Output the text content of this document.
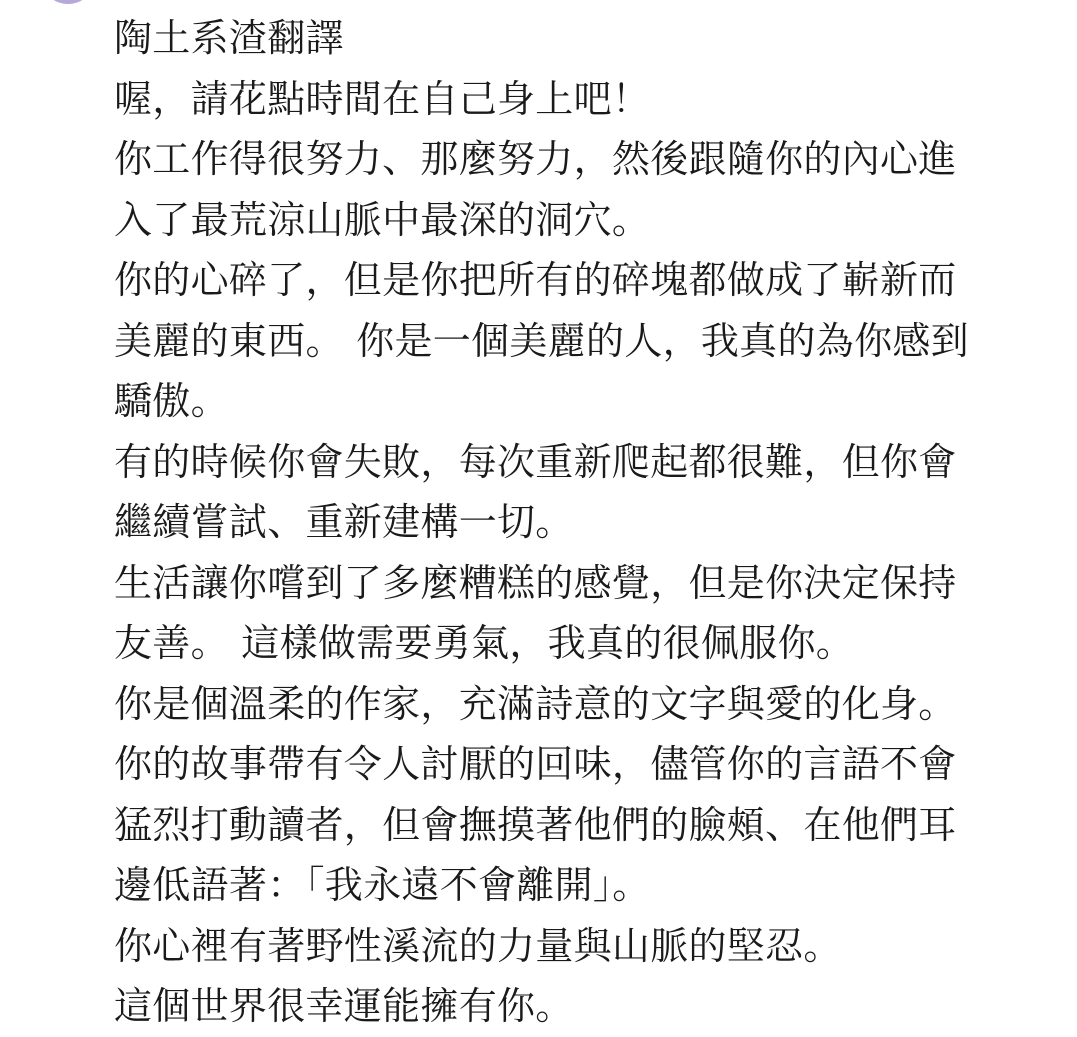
陶土系渣翻譯
喔，請花點時間在自己身上吧！
你工作得很努力、那麼努力，然後跟隨你的內心進
入了最荒涼山脈中最深的洞穴。
你的心碎了，但是你把所有的碎塊都做成了嶄新而
美麗的東西。 你是一個美麗的人，我真的為你感到
驕傲。
有的時候你會失敗，每次重新爬起都很難，但你會
繼續嘗試、重新建構一切。
生活讓你嚐到了多麼糟糕的感覺，但是你決定保持
友善。 這樣做需要勇氣，我真的很佩服你。
你是個溫柔的作家，充滿詩意的文字與愛的化身。
你的故事帶有令人討厭的回味，儘管你的言語不會
猛烈打動讀者，但會撫摸著他們的臉頰、在他們耳
邊低語著：「我永遠不會離開」。
你心裡有著野性溪流的力量與山脈的堅忍。
這個世界很幸運能擁有你。
